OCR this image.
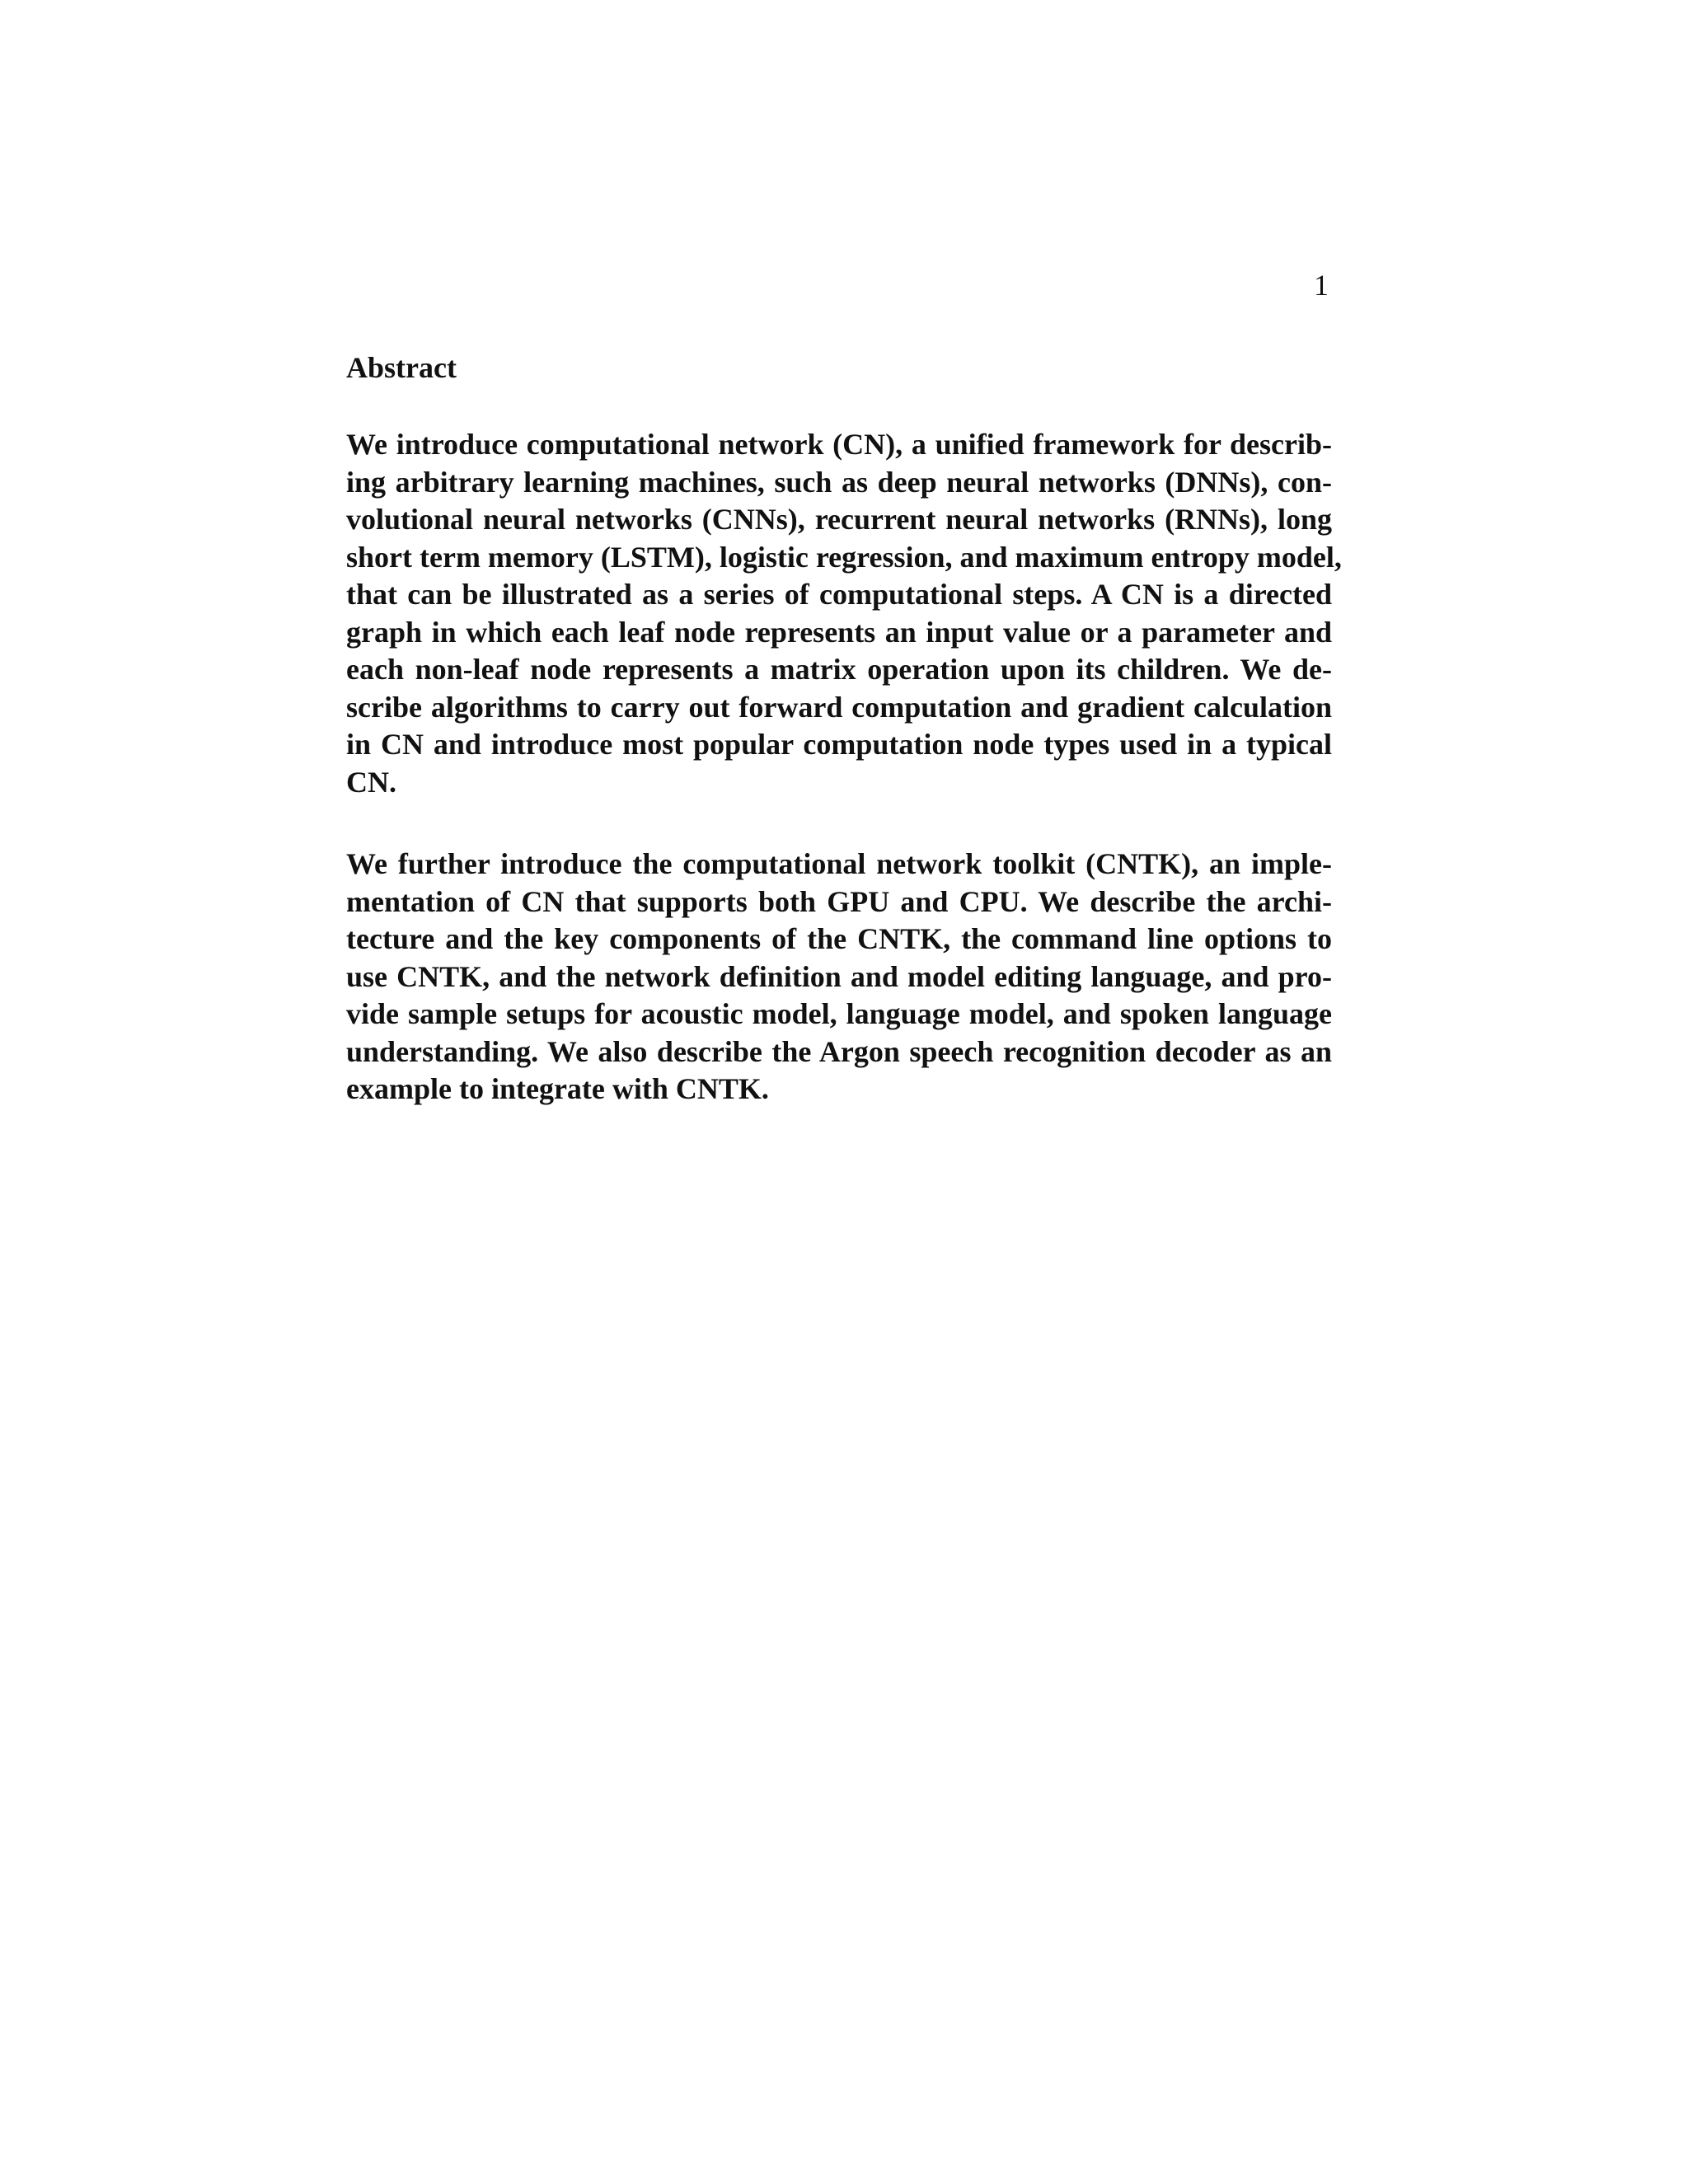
1
Abstract

We introduce computational network (CN), a unified framework for describ-
ing arbitrary learning machines, such as deep neural networks (DNNs), con-
volutional neural networks (CNNs), recurrent neural networks (RNNs), long
short term memory (LSTM), logistic regression, and maximum entropy model,
that can be illustrated as a series of computational steps. A CN is a directed
graph in which each leaf node represents an input value or a parameter and
each non-leaf node represents a matrix operation upon its children. We de-
scribe algorithms to carry out forward computation and gradient calculation
in CN and introduce most popular computation node types used in a typical
CN.

We further introduce the computational network toolkit (CNTK), an imple-
mentation of CN that supports both GPU and CPU. We describe the archi-
tecture and the key components of the CNTK, the command line options to
use CNTK, and the network definition and model editing language, and pro-
vide sample setups for acoustic model, language model, and spoken language
understanding. We also describe the Argon speech recognition decoder as an
example to integrate with CNTK.
